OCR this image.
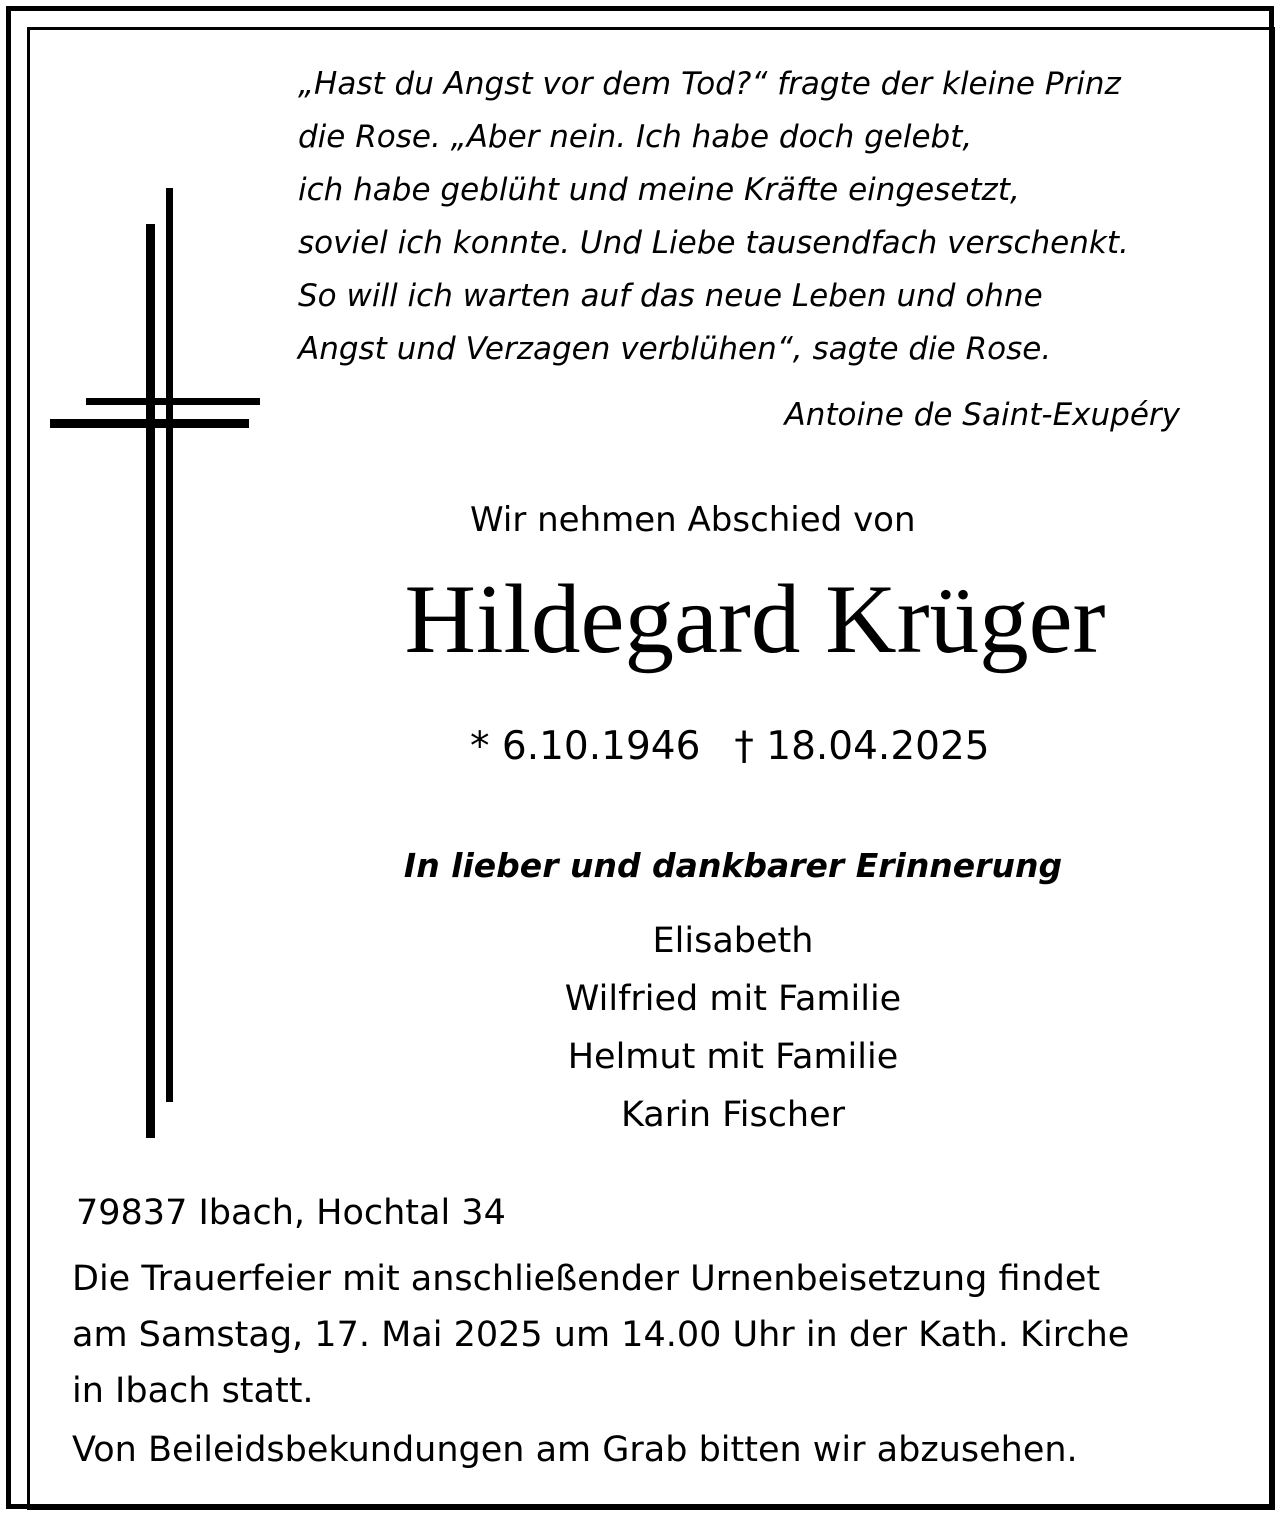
„Hast du Angst vor dem Tod?“ fragte der kleine Prinz
die Rose. „Aber nein. Ich habe doch gelebt,
ich habe geblüht und meine Kräfte eingesetzt,
soviel ich konnte. Und Liebe tausendfach verschenkt.
So will ich warten auf das neue Leben und ohne
Angst und Verzagen verblühen“, sagte die Rose.
Antoine de Saint-Exupéry
Wir nehmen Abschied von
Hildegard Krüger
* 6.10.1946 † 18.04.2025
In lieber und dankbarer Erinnerung
Elisabeth
Wilfried mit Familie
Helmut mit Familie
Karin Fischer
79837 Ibach, Hochtal 34
Die Trauerfeier mit anschließender Urnenbeisetzung findet
am Samstag, 17. Mai 2025 um 14.00 Uhr in der Kath. Kirche
in Ibach statt.
Von Beileidsbekundungen am Grab bitten wir abzusehen.
